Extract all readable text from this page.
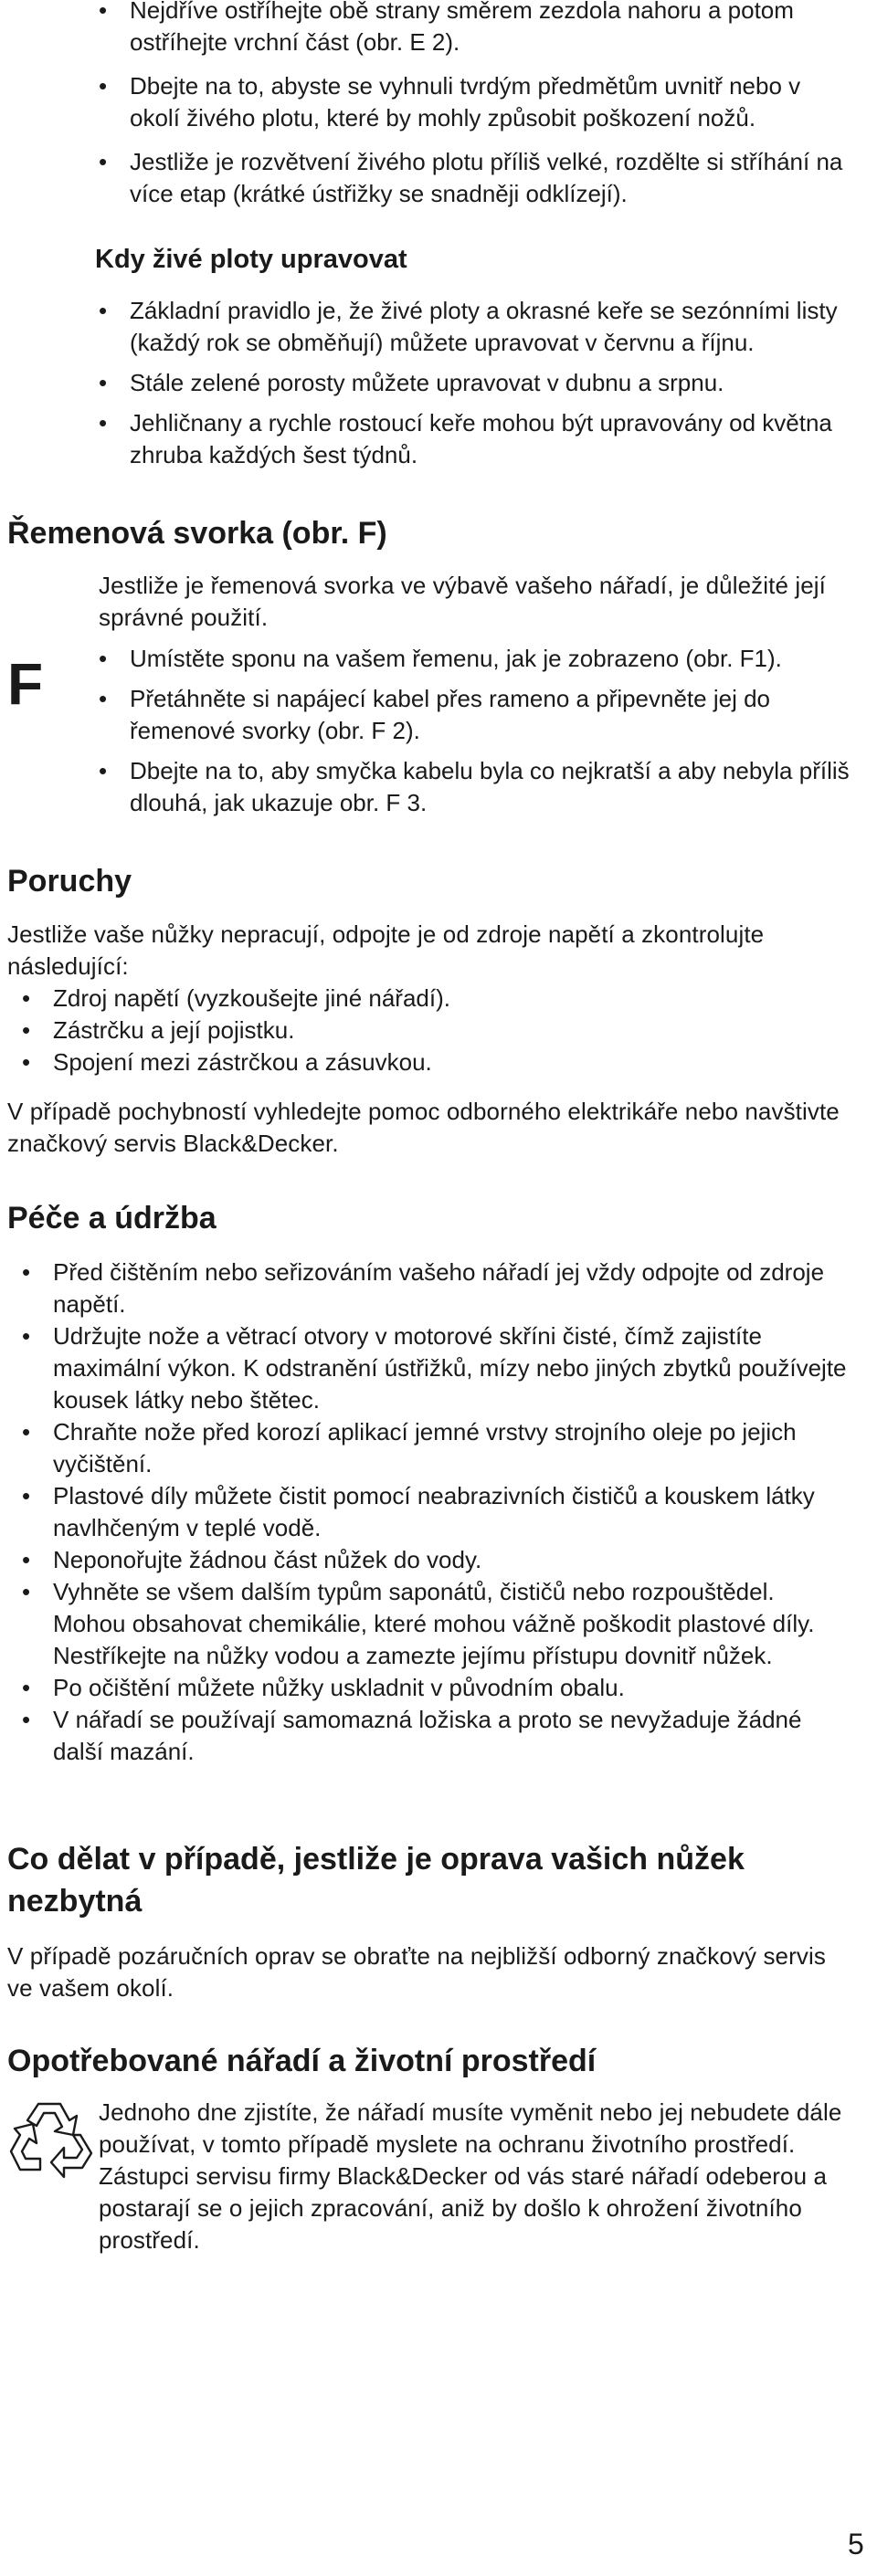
• Nejdříve ostříhejte obě strany směrem zezdola nahoru a potom ostříhejte vrchní část (obr. E 2).
• Dbejte na to, abyste se vyhnuli tvrdým předmětům uvnitř nebo v okolí živého plotu, které by mohly způsobit poškození nožů.
• Jestliže je rozvětvení živého plotu příliš velké, rozdělte si stříhání na více etap (krátké ústřižky se snadněji odklízejí).
Kdy živé ploty upravovat
• Základní pravidlo je, že živé ploty a okrasné keře se sezónními listy (každý rok se obměňují) můžete upravovat v červnu a říjnu.
• Stále zelené porosty můžete upravovat v dubnu a srpnu.
• Jehličnany a rychle rostoucí keře mohou být upravovány od května zhruba každých šest týdnů.
Řemenová svorka (obr. F)
F
Jestliže je řemenová svorka ve výbavě vašeho nářadí, je důležité její správné použití.
• Umístěte sponu na vašem řemenu, jak je zobrazeno (obr. F1).
• Přetáhněte si napájecí kabel přes rameno a připevněte jej do řemenové svorky (obr. F 2).
• Dbejte na to, aby smyčka kabelu byla co nejkratší a aby nebyla příliš dlouhá, jak ukazuje obr. F 3.
Poruchy
Jestliže vaše nůžky nepracují, odpojte je od zdroje napětí a zkontrolujte následující:
• Zdroj napětí (vyzkoušejte jiné nářadí).
• Zástrčku a její pojistku.
• Spojení mezi zástrčkou a zásuvkou.
V případě pochybností vyhledejte pomoc odborného elektrikáře nebo navštivte značkový servis Black&Decker.
Péče a údržba
• Před čištěním nebo seřizováním vašeho nářadí jej vždy odpojte od zdroje napětí.
• Udržujte nože a větrací otvory v motorové skříni čisté, čímž zajistíte maximální výkon. K odstranění ústřižků, mízy nebo jiných zbytků používejte kousek látky nebo štětec.
• Chraňte nože před korozí aplikací jemné vrstvy strojního oleje po jejich vyčištění.
• Plastové díly můžete čistit pomocí neabrazivních čističů a kouskem látky navlhčeným v teplé vodě.
• Neponořujte žádnou část nůžek do vody.
• Vyhněte se všem dalším typům saponátů, čističů nebo rozpouštědel. Mohou obsahovat chemikálie, které mohou vážně poškodit plastové díly. Nestříkejte na nůžky vodou a zamezte jejímu přístupu dovnitř nůžek.
• Po očištění můžete nůžky uskladnit v původním obalu.
• V nářadí se používají samomazná ložiska a proto se nevyžaduje žádné další mazání.
Co dělat v případě, jestliže je oprava vašich nůžek
nezbytná
V případě pozáručních oprav se obraťte na nejbližší odborný značkový servis ve vašem okolí.
Opotřebované nářadí a životní prostředí
Jednoho dne zjistíte, že nářadí musíte vyměnit nebo jej nebudete dále používat, v tomto případě myslete na ochranu životního prostředí. Zástupci servisu firmy Black&Decker od vás staré nářadí odeberou a postarají se o jejich zpracování, aniž by došlo k ohrožení životního prostředí.
5
